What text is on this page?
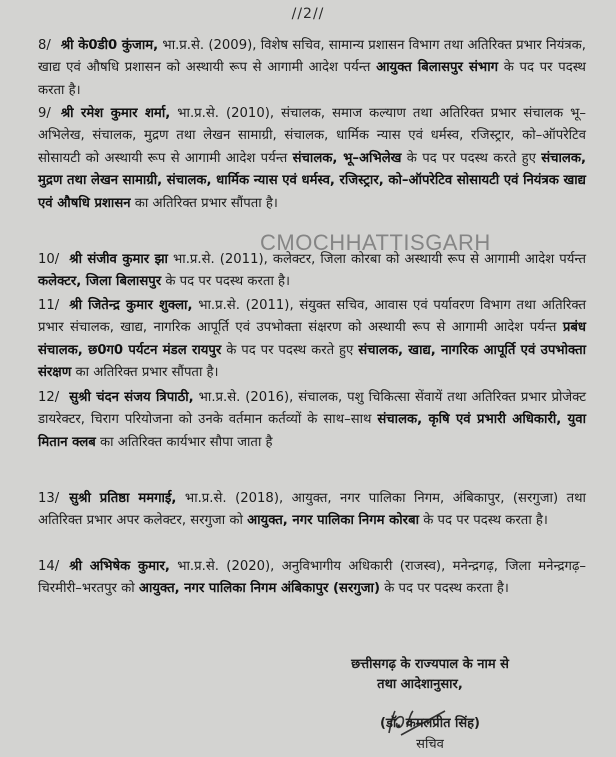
//2//
8/ श्री के0डी0 कुंजाम, भा.प्र.से. (2009), विशेष सचिव, सामान्य प्रशासन विभाग तथा अतिरिक्त प्रभार नियंत्रक, खाद्य एवं औषधि प्रशासन को अस्थायी रूप से आगामी आदेश पर्यन्त आयुक्त बिलासपुर संभाग के पद पर पदस्थ करता है।
9/ श्री रमेश कुमार शर्मा, भा.प्र.से. (2010), संचालक, समाज कल्याण तथा अतिरिक्त प्रभार संचालक भू–अभिलेख, संचालक, मुद्रण तथा लेखन सामाग्री, संचालक, धार्मिक न्यास एवं धर्मस्व, रजिस्ट्रार, को–ऑपरेटिव सोसायटी को अस्थायी रूप से आगामी आदेश पर्यन्त संचालक, भू–अभिलेख के पद पर पदस्थ करते हुए संचालक, मुद्रण तथा लेखन सामाग्री, संचालक, धार्मिक न्यास एवं धर्मस्व, रजिस्ट्रार, को–ऑपरेटिव सोसायटी एवं नियंत्रक खाद्य एवं औषधि प्रशासन का अतिरिक्त प्रभार सौंपता है।
10/ श्री संजीव कुमार झा भा.प्र.से. (2011), कलेक्टर, जिला कोरबा को अस्थायी रूप से आगामी आदेश पर्यन्त कलेक्टर, जिला बिलासपुर के पद पर पदस्थ करता है।
11/ श्री जितेन्द्र कुमार शुक्ला, भा.प्र.से. (2011), संयुक्त सचिव, आवास एवं पर्यावरण विभाग तथा अतिरिक्त प्रभार संचालक, खाद्य, नागरिक आपूर्ति एवं उपभोक्ता संक्षरण को अस्थायी रूप से आगामी आदेश पर्यन्त प्रबंध संचालक, छ0ग0 पर्यटन मंडल रायपुर के पद पर पदस्थ करते हुए संचालक, खाद्य, नागरिक आपूर्ति एवं उपभोक्ता संरक्षण का अतिरिक्त प्रभार सौंपता है।
12/ सुश्री चंदन संजय त्रिपाठी, भा.प्र.से. (2016), संचालक, पशु चिकित्सा सेंवायें तथा अतिरिक्त प्रभार प्रोजेक्ट डायरेक्टर, चिराग परियोजना को उनके वर्तमान कर्तव्यों के साथ–साथ संचालक, कृषि एवं प्रभारी अधिकारी, युवा मितान क्लब का अतिरिक्त कार्यभार सौपा जाता है
13/ सुश्री प्रतिष्ठा ममगाई, भा.प्र.से. (2018), आयुक्त, नगर पालिका निगम, अंबिकापुर, (सरगुजा) तथा अतिरिक्त प्रभार अपर कलेक्टर, सरगुजा को आयुक्त, नगर पालिका निगम कोरबा के पद पर पदस्थ करता है।
14/ श्री अभिषेक कुमार, भा.प्र.से. (2020), अनुविभागीय अधिकारी (राजस्व), मनेन्द्रगढ़, जिला मनेन्द्रगढ़–चिरमीरी–भरतपुर को आयुक्त, नगर पालिका निगम अंबिकापुर (सरगुजा) के पद पर पदस्थ करता है।
CMOCHHATTISGARH
छत्तीसगढ़ के राज्यपाल के नाम से
तथा आदेशानुसार,
(डॉ. कमलप्रीत सिंह)
सचिव
